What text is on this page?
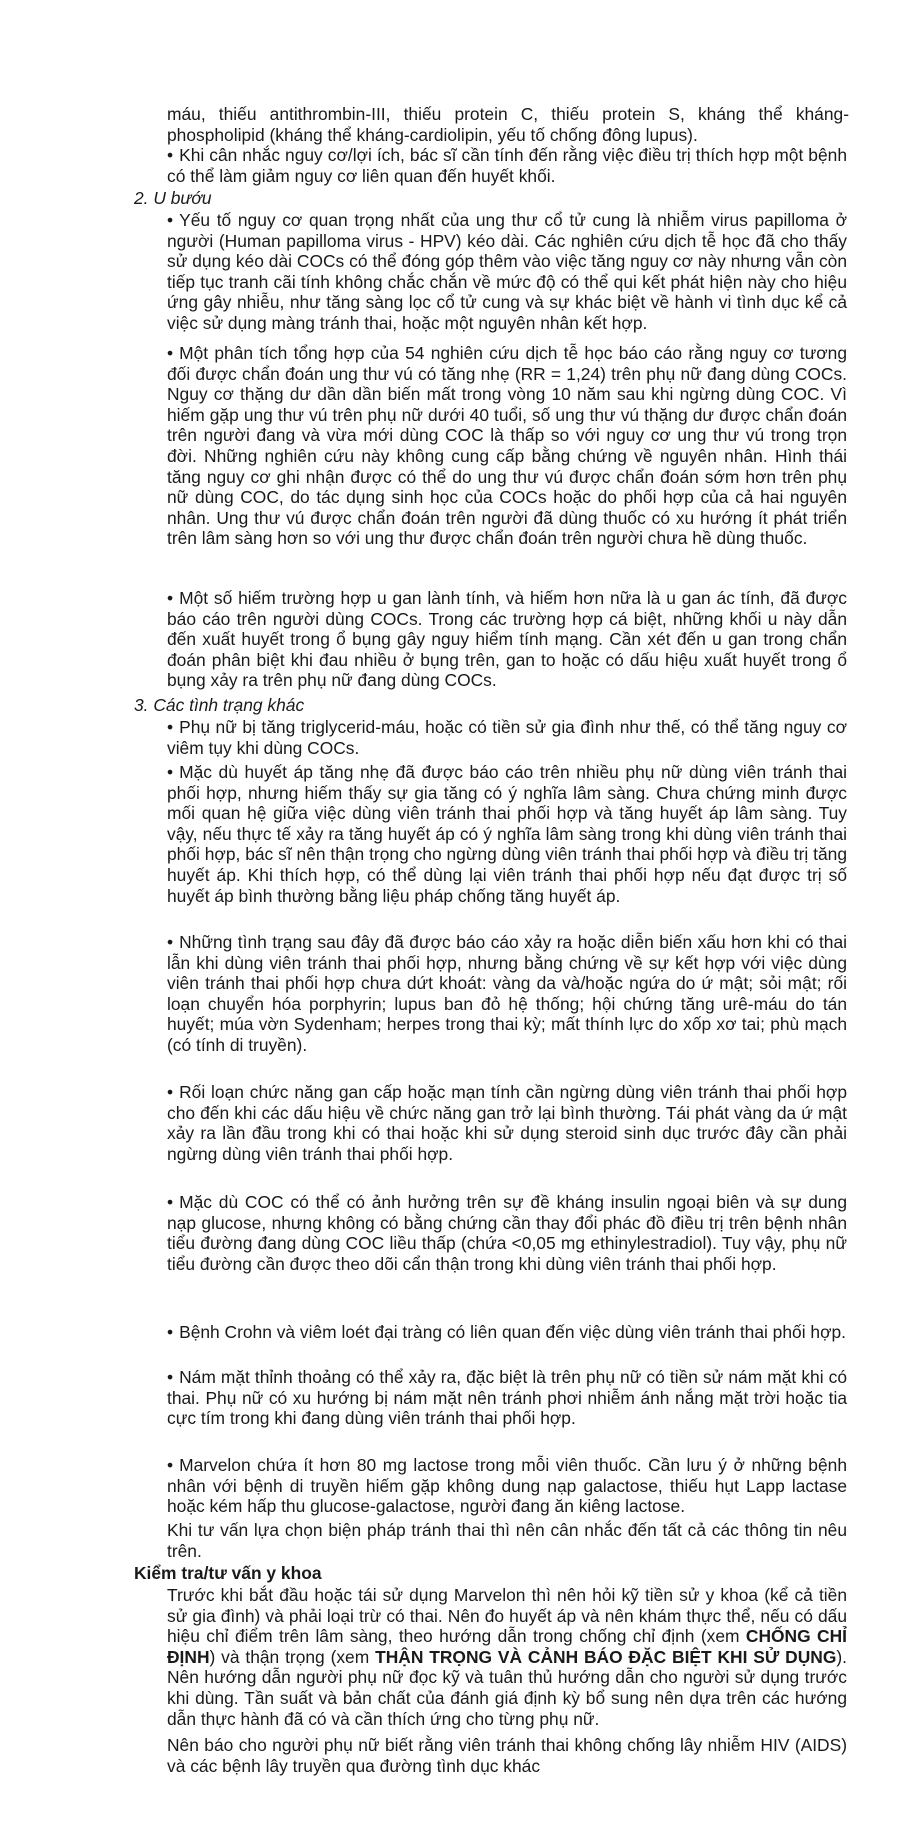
máu, thiếu antithrombin-III, thiếu protein C, thiếu protein S, kháng thể kháng-phospholipid (kháng thể kháng-cardiolipin, yếu tố chống đông lupus).

• Khi cân nhắc nguy cơ/lợi ích, bác sĩ cần tính đến rằng việc điều trị thích hợp một bệnh có thể làm giảm nguy cơ liên quan đến huyết khối.

2. U bướu

• Yếu tố nguy cơ quan trọng nhất của ung thư cổ tử cung là nhiễm virus papilloma ở người (Human papilloma virus - HPV) kéo dài. Các nghiên cứu dịch tễ học đã cho thấy sử dụng kéo dài COCs có thể đóng góp thêm vào việc tăng nguy cơ này nhưng vẫn còn tiếp tục tranh cãi tính không chắc chắn về mức độ có thể qui kết phát hiện này cho hiệu ứng gây nhiễu, như tăng sàng lọc cổ tử cung và sự khác biệt về hành vi tình dục kể cả việc sử dụng màng tránh thai, hoặc một nguyên nhân kết hợp.

• Một phân tích tổng hợp của 54 nghiên cứu dịch tễ học báo cáo rằng nguy cơ tương đối được chẩn đoán ung thư vú có tăng nhẹ (RR = 1,24) trên phụ nữ đang dùng COCs. Nguy cơ thặng dư dần dần biến mất trong vòng 10 năm sau khi ngừng dùng COC. Vì hiếm gặp ung thư vú trên phụ nữ dưới 40 tuổi, số ung thư vú thặng dư được chẩn đoán trên người đang và vừa mới dùng COC là thấp so với nguy cơ ung thư vú trong trọn đời. Những nghiên cứu này không cung cấp bằng chứng về nguyên nhân. Hình thái tăng nguy cơ ghi nhận được có thể do ung thư vú được chẩn đoán sớm hơn trên phụ nữ dùng COC, do tác dụng sinh học của COCs hoặc do phối hợp của cả hai nguyên nhân. Ung thư vú được chẩn đoán trên người đã dùng thuốc có xu hướng ít phát triển trên lâm sàng hơn so với ung thư được chẩn đoán trên người chưa hề dùng thuốc.

• Một số hiếm trường hợp u gan lành tính, và hiếm hơn nữa là u gan ác tính, đã được báo cáo trên người dùng COCs. Trong các trường hợp cá biệt, những khối u này dẫn đến xuất huyết trong ổ bụng gây nguy hiểm tính mạng. Cần xét đến u gan trong chẩn đoán phân biệt khi đau nhiều ở bụng trên, gan to hoặc có dấu hiệu xuất huyết trong ổ bụng xảy ra trên phụ nữ đang dùng COCs.

3. Các tình trạng khác

• Phụ nữ bị tăng triglycerid-máu, hoặc có tiền sử gia đình như thế, có thể tăng nguy cơ viêm tụy khi dùng COCs.

• Mặc dù huyết áp tăng nhẹ đã được báo cáo trên nhiều phụ nữ dùng viên tránh thai phối hợp, nhưng hiếm thấy sự gia tăng có ý nghĩa lâm sàng. Chưa chứng minh được mối quan hệ giữa việc dùng viên tránh thai phối hợp và tăng huyết áp lâm sàng. Tuy vậy, nếu thực tế xảy ra tăng huyết áp có ý nghĩa lâm sàng trong khi dùng viên tránh thai phối hợp, bác sĩ nên thận trọng cho ngừng dùng viên tránh thai phối hợp và điều trị tăng huyết áp. Khi thích hợp, có thể dùng lại viên tránh thai phối hợp nếu đạt được trị số huyết áp bình thường bằng liệu pháp chống tăng huyết áp.

• Những tình trạng sau đây đã được báo cáo xảy ra hoặc diễn biến xấu hơn khi có thai lẫn khi dùng viên tránh thai phối hợp, nhưng bằng chứng về sự kết hợp với việc dùng viên tránh thai phối hợp chưa dứt khoát: vàng da và/hoặc ngứa do ứ mật; sỏi mật; rối loạn chuyển hóa porphyrin; lupus ban đỏ hệ thống; hội chứng tăng urê-máu do tán huyết; múa vờn Sydenham; herpes trong thai kỳ; mất thính lực do xốp xơ tai; phù mạch (có tính di truyền).

• Rối loạn chức năng gan cấp hoặc mạn tính cần ngừng dùng viên tránh thai phối hợp cho đến khi các dấu hiệu về chức năng gan trở lại bình thường. Tái phát vàng da ứ mật xảy ra lần đầu trong khi có thai hoặc khi sử dụng steroid sinh dục trước đây cần phải ngừng dùng viên tránh thai phối hợp.

• Mặc dù COC có thể có ảnh hưởng trên sự đề kháng insulin ngoại biên và sự dung nạp glucose, nhưng không có bằng chứng cần thay đổi phác đồ điều trị trên bệnh nhân tiểu đường đang dùng COC liều thấp (chứa <0,05 mg ethinylestradiol). Tuy vậy, phụ nữ tiểu đường cần được theo dõi cẩn thận trong khi dùng viên tránh thai phối hợp.

• Bệnh Crohn và viêm loét đại tràng có liên quan đến việc dùng viên tránh thai phối hợp.

• Nám mặt thỉnh thoảng có thể xảy ra, đặc biệt là trên phụ nữ có tiền sử nám mặt khi có thai. Phụ nữ có xu hướng bị nám mặt nên tránh phơi nhiễm ánh nắng mặt trời hoặc tia cực tím trong khi đang dùng viên tránh thai phối hợp.

• Marvelon chứa ít hơn 80 mg lactose trong mỗi viên thuốc. Cần lưu ý ở những bệnh nhân với bệnh di truyền hiếm gặp không dung nạp galactose, thiếu hụt Lapp lactase hoặc kém hấp thu glucose-galactose, người đang ăn kiêng lactose.

Khi tư vấn lựa chọn biện pháp tránh thai thì nên cân nhắc đến tất cả các thông tin nêu trên.

Kiểm tra/tư vấn y khoa

Trước khi bắt đầu hoặc tái sử dụng Marvelon thì nên hỏi kỹ tiền sử y khoa (kể cả tiền sử gia đình) và phải loại trừ có thai. Nên đo huyết áp và nên khám thực thể, nếu có dấu hiệu chỉ điểm trên lâm sàng, theo hướng dẫn trong chống chỉ định (xem CHỐNG CHỈ ĐỊNH) và thận trọng (xem THẬN TRỌNG VÀ CẢNH BÁO ĐẶC BIỆT KHI SỬ DỤNG). Nên hướng dẫn người phụ nữ đọc kỹ và tuân thủ hướng dẫn cho người sử dụng trước khi dùng. Tần suất và bản chất của đánh giá định kỳ bổ sung nên dựa trên các hướng dẫn thực hành đã có và cần thích ứng cho từng phụ nữ.

Nên báo cho người phụ nữ biết rằng viên tránh thai không chống lây nhiễm HIV (AIDS) và các bệnh lây truyền qua đường tình dục khác
